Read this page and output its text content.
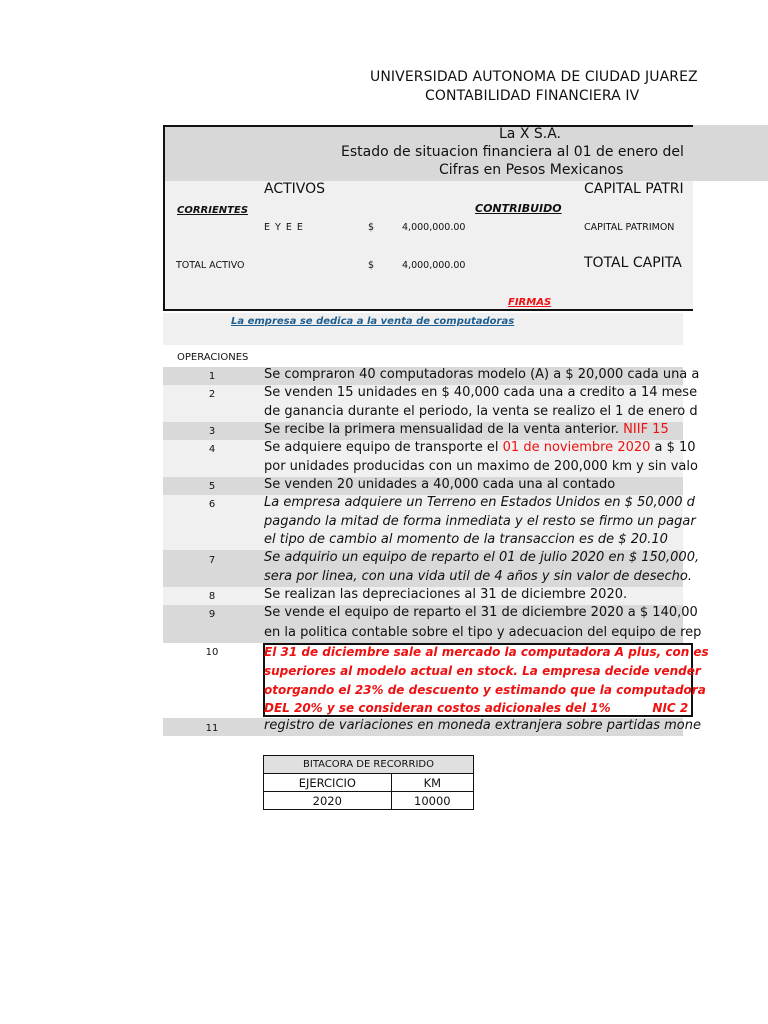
UNIVERSIDAD AUTONOMA DE CIUDAD JUAREZ
CONTABILIDAD FINANCIERA IV
La X S.A.
Estado de situacion financiera al 01 de enero del
Cifras en Pesos Mexicanos
ACTIVOS	CAPITAL PATRI
CORRIENTES	CONTRIBUIDO
E Y E E	$	4,000,000.00	CAPITAL PATRIMON
TOTAL ACTIVO	$	4,000,000.00	TOTAL CAPITA
FIRMAS
La empresa se dedica a la venta de computadoras
OPERACIONES
1	Se compraron 40 computadoras modelo (A) a $ 20,000 cada una a
2	Se venden 15 unidades en $ 40,000 cada una a credito a 14 mese
de ganancia durante el periodo, la venta se realizo el 1 de enero d
3	Se recibe la primera mensualidad de la venta anterior. NIIF 15
4	Se adquiere equipo de transporte el 01 de noviembre 2020 a $ 10
por unidades producidas con un maximo de 200,000 km y sin valo
5	Se venden 20 unidades a 40,000 cada una al contado
6	La empresa adquiere un Terreno en Estados Unidos en $ 50,000 d
pagando la mitad de forma inmediata y el resto se firmo un pagar
el tipo de cambio al momento de la transaccion es de $ 20.10
7	Se adquirio un equipo de reparto el 01 de julio 2020 en $ 150,000,
sera por linea, con una vida util de 4 años y sin valor de desecho.
8	Se realizan las depreciaciones al 31 de diciembre 2020.
9	Se vende el equipo de reparto el 31 de diciembre 2020 a $ 140,00
en la politica contable sobre el tipo y adecuacion del equipo de rep
10	El 31 de diciembre sale al mercado la computadora A plus, con es
superiores al modelo actual en stock. La empresa decide vender
otorgando el 23% de descuento y estimando que la computadora
DEL 20% y se consideran costos adicionales del 1%          NIC 2
11	registro de variaciones en moneda extranjera sobre partidas mone
BITACORA DE RECORRIDO	
EJERCICIO	KM
2020	10000
